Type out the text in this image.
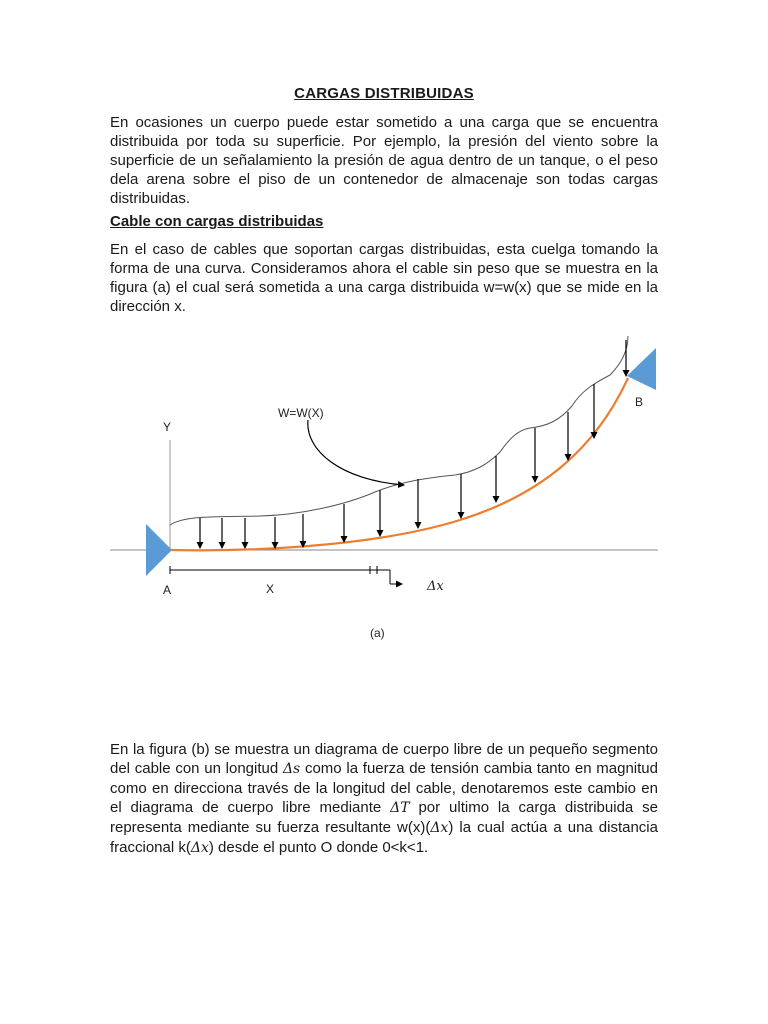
CARGAS DISTRIBUIDAS

En ocasiones un cuerpo puede estar sometido a una carga que se encuentra distribuida por toda su superficie. Por ejemplo, la presión del viento sobre la superficie de un señalamiento la presión de agua dentro de un tanque, o el peso dela arena sobre el piso de un contenedor de almacenaje son todas cargas distribuidas.

Cable con cargas distribuidas

En el caso de cables que soportan cargas distribuidas, esta cuelga tomando la forma de una curva. Consideramos ahora el cable sin peso que se muestra en la figura (a) el cual será sometida a una carga distribuida w=w(x) que se mide en la dirección x.

W=W(X)
Y
A
B
X	Δx
(a)

En la figura (b) se muestra un diagrama de cuerpo libre de un pequeño segmento del cable con un longitud Δs como la fuerza de tensión cambia tanto en magnitud como en direcciona través de la longitud del cable, denotaremos este cambio en el diagrama de cuerpo libre mediante ΔT por ultimo la carga distribuida se representa mediante su fuerza resultante w(x)(Δx) la cual actúa a una distancia fraccional k(Δx) desde el punto O donde 0<k<1.
